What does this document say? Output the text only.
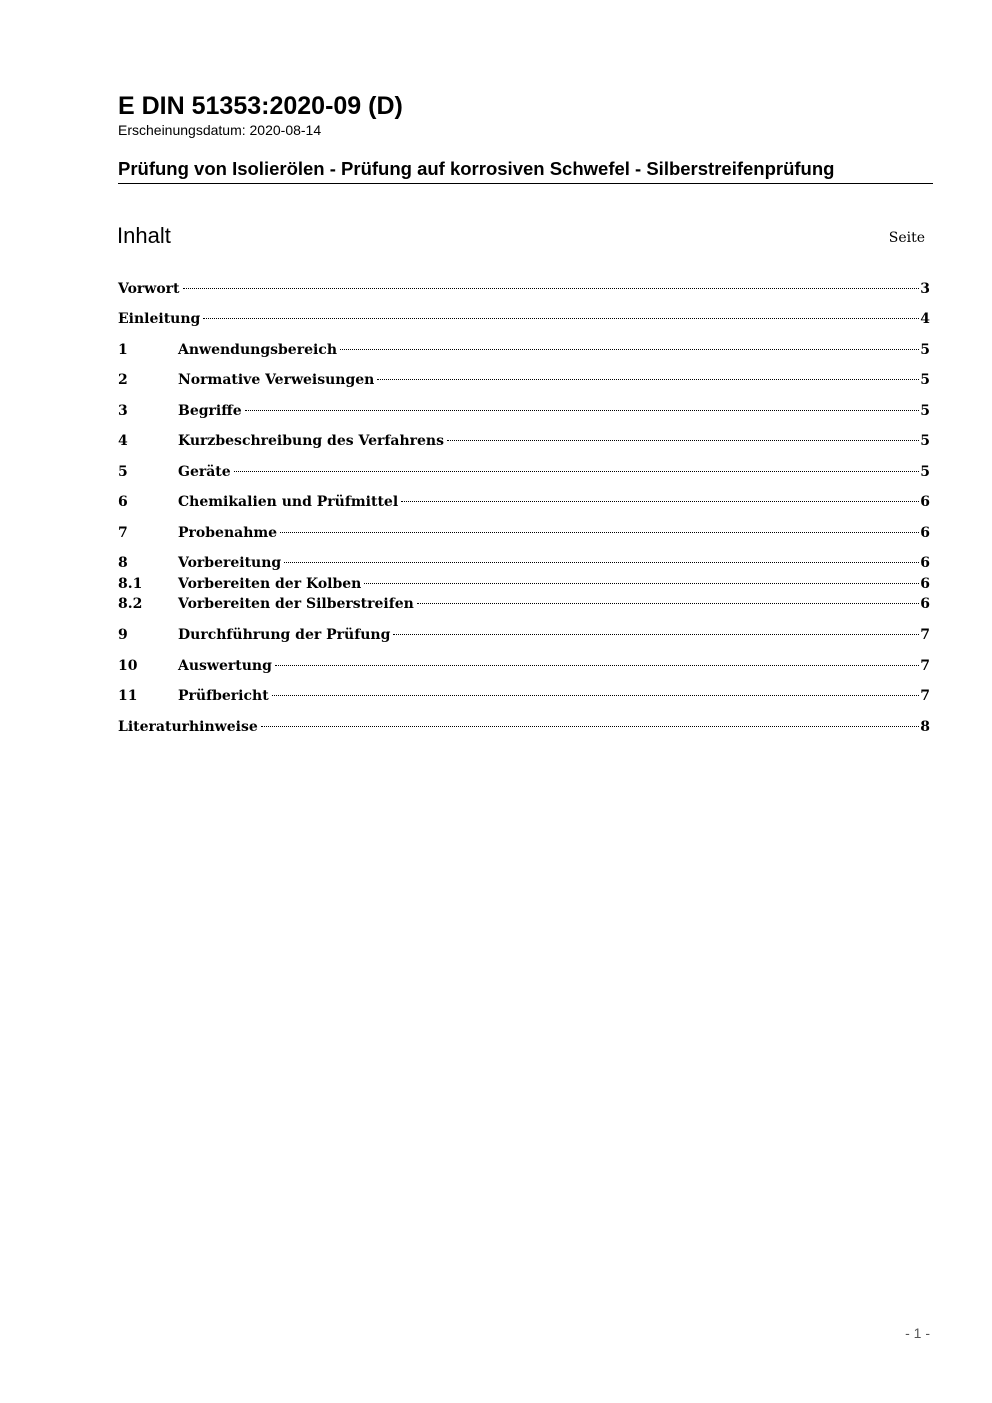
E DIN 51353:2020-09 (D)
Erscheinungsdatum: 2020-08-14
Prüfung von Isolierölen - Prüfung auf korrosiven Schwefel - Silberstreifenprüfung
Inhalt	Seite
Vorwort	3
Einleitung	4
1	Anwendungsbereich	5
2	Normative Verweisungen	5
3	Begriffe	5
4	Kurzbeschreibung des Verfahrens	5
5	Geräte	5
6	Chemikalien und Prüfmittel	6
7	Probenahme	6
8	Vorbereitung	6
8.1	Vorbereiten der Kolben	6
8.2	Vorbereiten der Silberstreifen	6
9	Durchführung der Prüfung	7
10	Auswertung	7
11	Prüfbericht	7
Literaturhinweise	8
- 1 -
